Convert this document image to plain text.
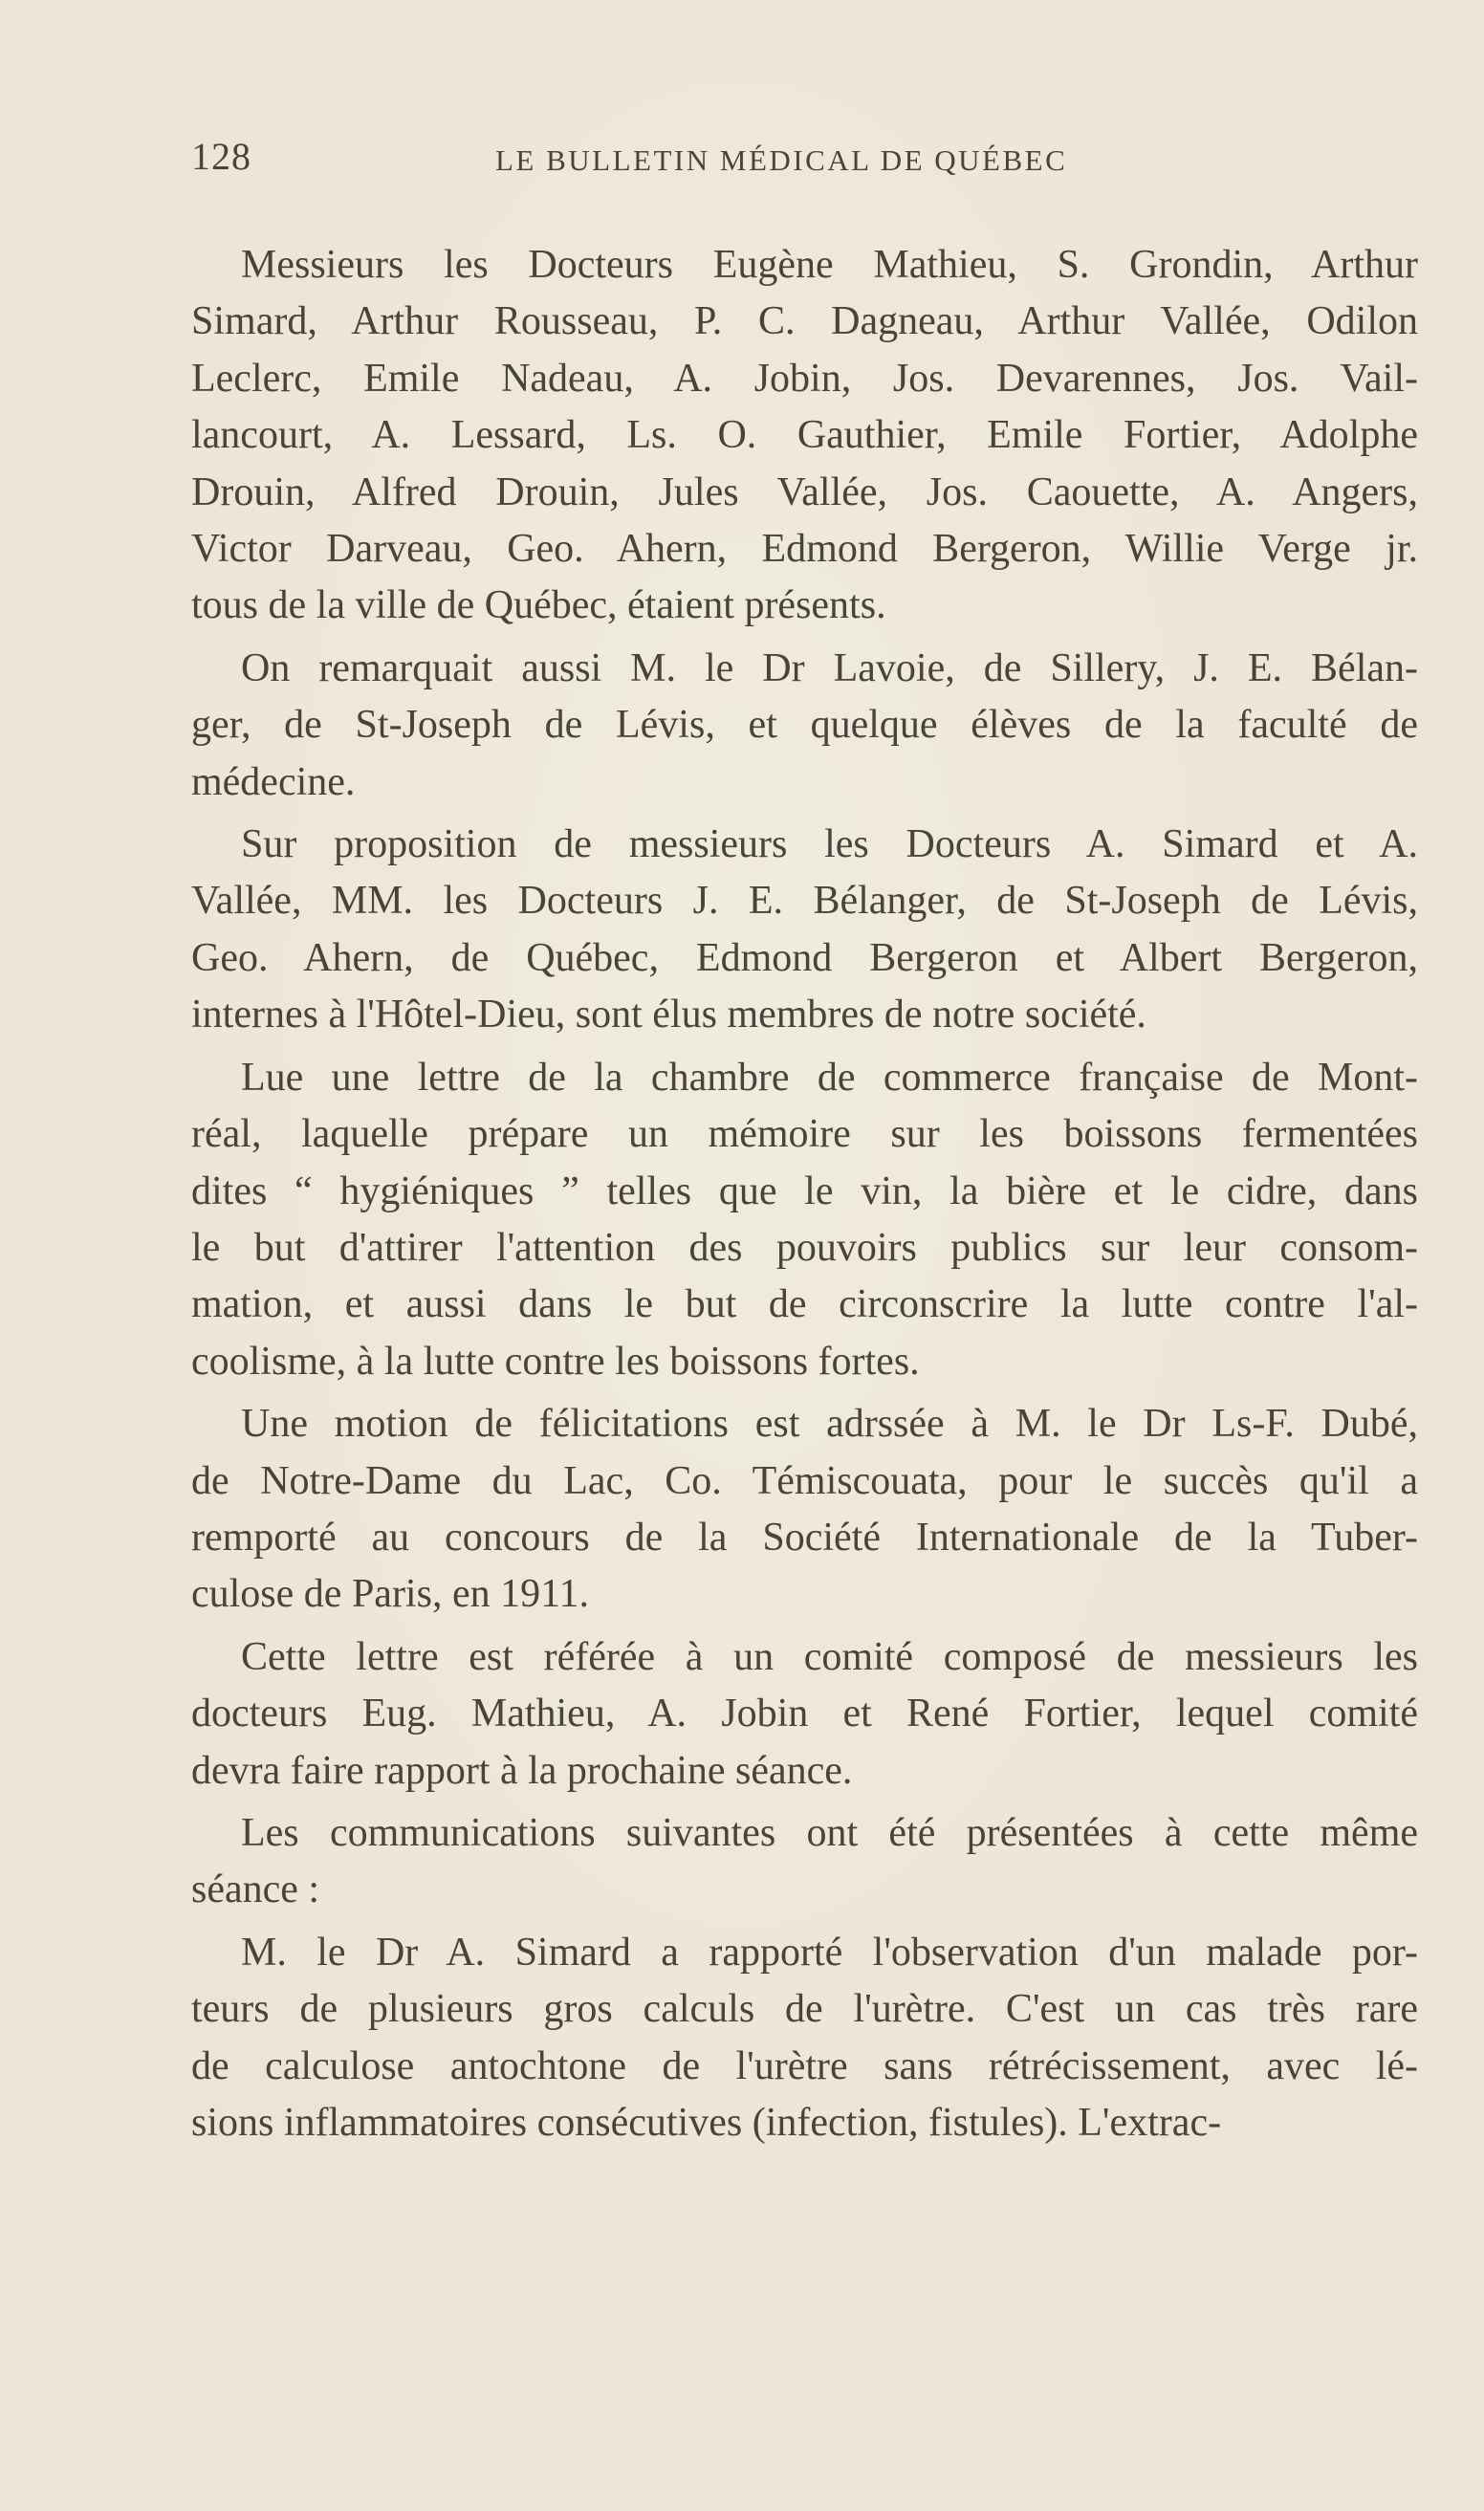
128	LE BULLETIN MÉDICAL DE QUÉBEC
Messieurs les Docteurs Eugène Mathieu, S. Grondin, Arthur
Simard, Arthur Rousseau, P. C. Dagneau, Arthur Vallée, Odilon
Leclerc, Emile Nadeau, A. Jobin, Jos. Devarennes, Jos. Vail-
lancourt, A. Lessard, Ls. O. Gauthier, Emile Fortier, Adolphe
Drouin, Alfred Drouin, Jules Vallée, Jos. Caouette, A. Angers,
Victor Darveau, Geo. Ahern, Edmond Bergeron, Willie Verge jr.
tous de la ville de Québec, étaient présents.
On remarquait aussi M. le Dr Lavoie, de Sillery, J. E. Bélan-
ger, de St-Joseph de Lévis, et quelque élèves de la faculté de
médecine.
Sur proposition de messieurs les Docteurs A. Simard et A.
Vallée, MM. les Docteurs J. E. Bélanger, de St-Joseph de Lévis,
Geo. Ahern, de Québec, Edmond Bergeron et Albert Bergeron,
internes à l'Hôtel-Dieu, sont élus membres de notre société.
Lue une lettre de la chambre de commerce française de Mont-
réal, laquelle prépare un mémoire sur les boissons fermentées
dites “ hygiéniques ” telles que le vin, la bière et le cidre, dans
le but d'attirer l'attention des pouvoirs publics sur leur consom-
mation, et aussi dans le but de circonscrire la lutte contre l'al-
coolisme, à la lutte contre les boissons fortes.
Une motion de félicitations est adrssée à M. le Dr Ls-F. Dubé,
de Notre-Dame du Lac, Co. Témiscouata, pour le succès qu'il a
remporté au concours de la Société Internationale de la Tuber-
culose de Paris, en 1911.
Cette lettre est référée à un comité composé de messieurs les
docteurs Eug. Mathieu, A. Jobin et René Fortier, lequel comité
devra faire rapport à la prochaine séance.
Les communications suivantes ont été présentées à cette même
séance :
M. le Dr A. Simard a rapporté l'observation d'un malade por-
teurs de plusieurs gros calculs de l'urètre. C'est un cas très rare
de calculose antochtone de l'urètre sans rétrécissement, avec lé-
sions inflammatoires consécutives (infection, fistules). L'extrac-
